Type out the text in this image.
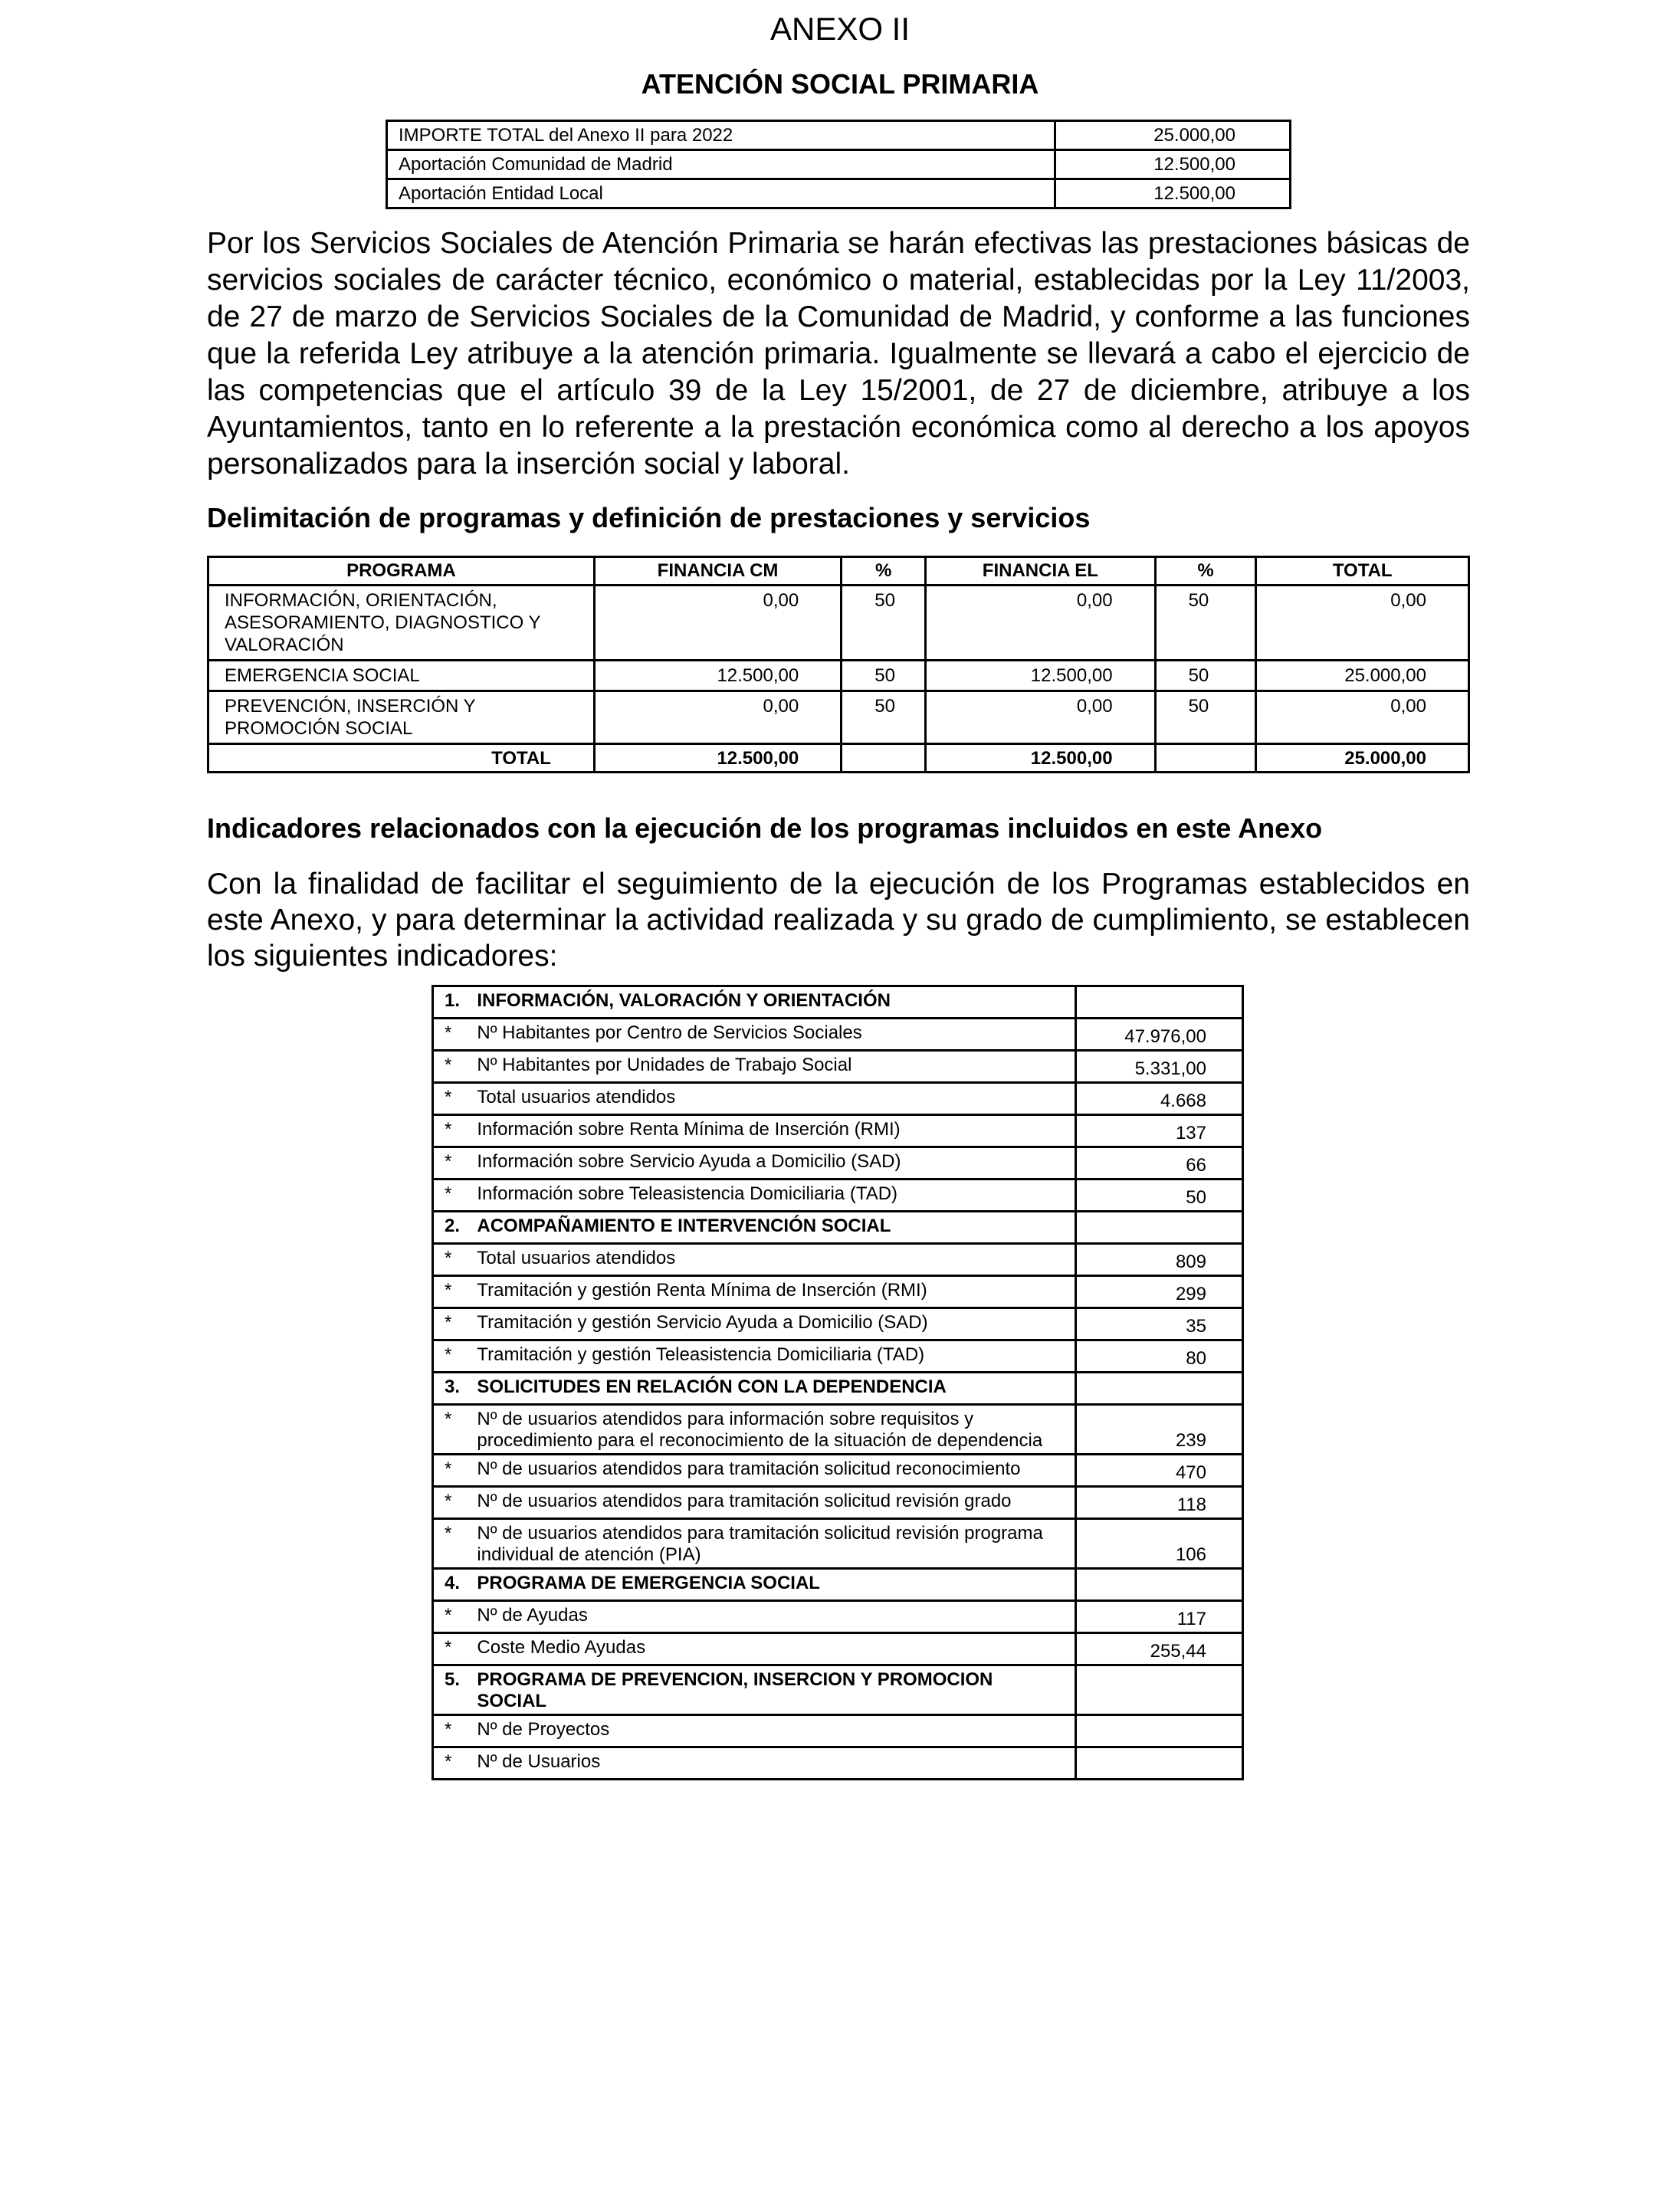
ANEXO II
ATENCIÓN SOCIAL PRIMARIA
IMPORTE TOTAL del Anexo II para 2022	25.000,00
Aportación Comunidad de Madrid	12.500,00
Aportación Entidad Local	12.500,00

Por los Servicios Sociales de Atención Primaria se harán efectivas las prestaciones básicas de servicios sociales de carácter técnico, económico o material, establecidas por la Ley 11/2003, de 27 de marzo de Servicios Sociales de la Comunidad de Madrid, y conforme a las funciones que la referida Ley atribuye a la atención primaria. Igualmente se llevará a cabo el ejercicio de las competencias que el artículo 39 de la Ley 15/2001, de 27 de diciembre, atribuye a los Ayuntamientos, tanto en lo referente a la prestación económica como al derecho a los apoyos personalizados para la inserción social y laboral.

Delimitación de programas y definición de prestaciones y servicios
PROGRAMA	FINANCIA CM	%	FINANCIA EL	%	TOTAL
INFORMACIÓN, ORIENTACIÓN, ASESORAMIENTO, DIAGNOSTICO Y VALORACIÓN	0,00	50	0,00	50	0,00
EMERGENCIA SOCIAL	12.500,00	50	12.500,00	50	25.000,00
PREVENCIÓN, INSERCIÓN Y PROMOCIÓN SOCIAL	0,00	50	0,00	50	0,00
TOTAL	12.500,00		12.500,00		25.000,00
Indicadores relacionados con la ejecución de los programas incluidos en este Anexo

Con la finalidad de facilitar el seguimiento de la ejecución de los Programas establecidos en este Anexo, y para determinar la actividad realizada y su grado de cumplimiento, se establecen los siguientes indicadores:

1.	INFORMACIÓN, VALORACIÓN Y ORIENTACIÓN	
*	Nº Habitantes por Centro de Servicios Sociales	47.976,00
*	Nº Habitantes por Unidades de Trabajo Social	5.331,00
*	Total usuarios atendidos	4.668
*	Información sobre Renta Mínima de Inserción (RMI)	137
*	Información sobre Servicio Ayuda a Domicilio (SAD)	66
*	Información sobre Teleasistencia Domiciliaria (TAD)	50
2.	ACOMPAÑAMIENTO E INTERVENCIÓN SOCIAL	
*	Total usuarios atendidos	809
*	Tramitación y gestión Renta Mínima de Inserción (RMI)	299
*	Tramitación y gestión Servicio Ayuda a Domicilio (SAD)	35
*	Tramitación y gestión Teleasistencia Domiciliaria (TAD)	80
3.	SOLICITUDES EN RELACIÓN CON LA DEPENDENCIA	
*	Nº de usuarios atendidos para información sobre requisitos y procedimiento para el reconocimiento de la situación de dependencia	239
*	Nº de usuarios atendidos para tramitación solicitud reconocimiento	470
*	Nº de usuarios atendidos para tramitación solicitud revisión grado	118
*	Nº de usuarios atendidos para tramitación solicitud revisión programa individual de atención (PIA)	106
4.	PROGRAMA DE EMERGENCIA SOCIAL	
*	Nº de Ayudas	117
*	Coste Medio Ayudas	255,44
5.	PROGRAMA DE PREVENCION, INSERCION Y PROMOCION SOCIAL	
*	Nº de Proyectos	
*	Nº de Usuarios	
